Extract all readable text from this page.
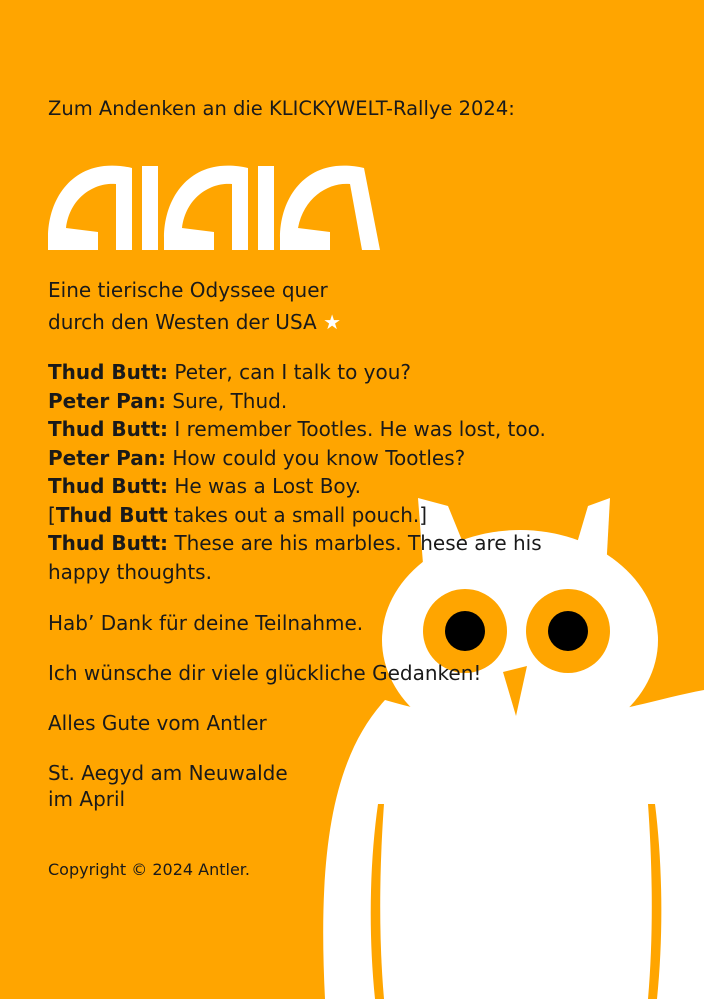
Zum Andenken an die KLICKYWELT-Rallye 2024:

Eine tierische Odyssee quer
durch den Westen der USA ★
Thud Butt: Peter, can I talk to you?
Peter Pan: Sure, Thud.
Thud Butt: I remember Tootles. He was lost, too.
Peter Pan: How could you know Tootles?
Thud Butt: He was a Lost Boy.
[Thud Butt takes out a small pouch.]
Thud Butt: These are his marbles. These are his happy thoughts.
Hab’ Dank für deine Teilnahme.
Ich wünsche dir viele glückliche Gedanken!
Alles Gute vom Antler
St. Aegyd am Neuwalde
im April
Copyright © 2024 Antler.
